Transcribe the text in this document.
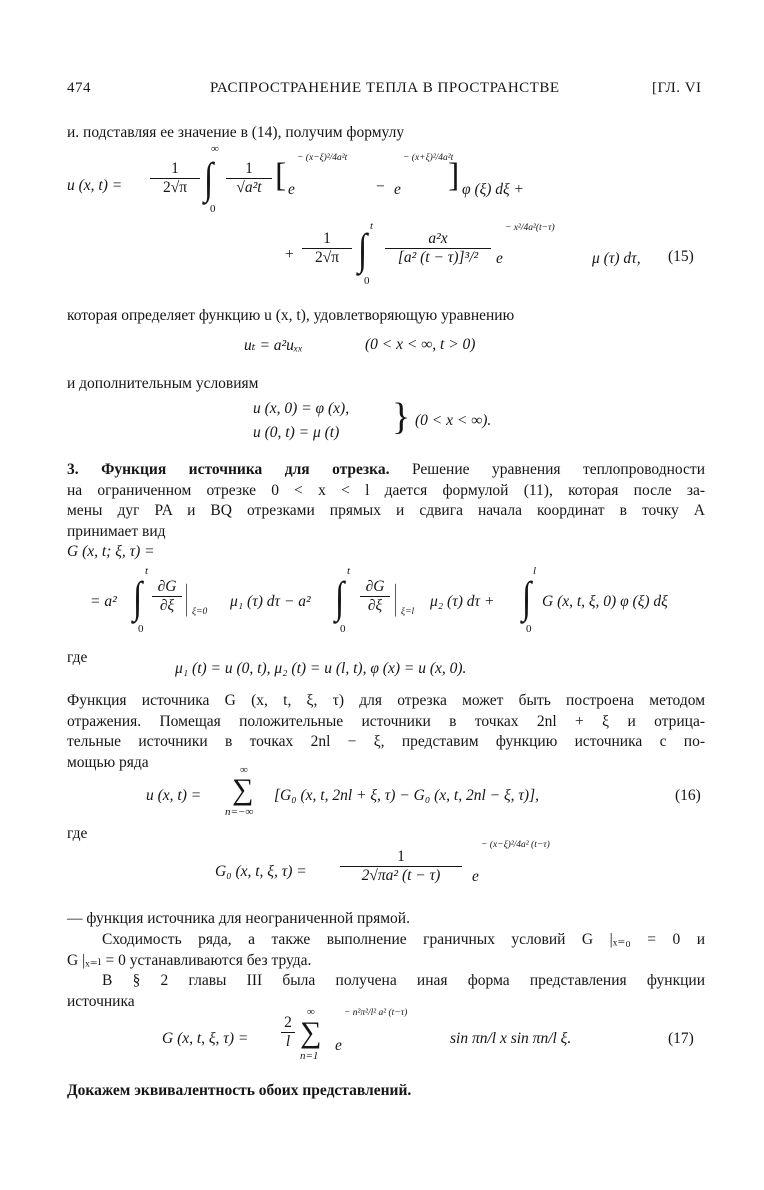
474	РАСПРОСТРАНЕНИЕ ТЕПЛА В ПРОСТРАНСТВЕ	[ГЛ. VI
и. подставляя ее значение в (14), получим формулу
u (x, t) =
1
2√π
∞
∫
0
1
√a²t [ e
− (x−ξ)²/4a²t
− e
− (x+ξ)²/4a²t
] φ (ξ) dξ +
+
1
2√π
t
∫
0
a²x
[a² (t − τ)]³/²	e
− x²/4a²(t−τ)
μ (τ) dτ, (15)
которая определяет функцию u (x, t), удовлетворяющую уравнению
uₜ = a²uₓₓ	(0 < x < ∞, t > 0)
и дополнительным условиям
u (x, 0) = φ (x),
u (0, t) = μ (t) } (0 < x < ∞).
3. Функция источника для отрезка. Решение уравнения теплопроводности
на ограниченном отрезке 0 < x < l дается формулой (11), которая после за-
мены дуг PA и BQ отрезками прямых и сдвига начала координат в точку A
принимает вид
G (x, t; ξ, τ) =
= a²
t
∫
0
∂G
∂ξ | ξ=0
μ₁ (τ) dτ − a²
t
∫
0
∂G
∂ξ | ξ=l
μ₂ (τ) dτ +
l
∫
0
G (x, t, ξ, 0) φ (ξ) dξ
где
μ₁ (t) = u (0, t), μ₂ (t) = u (l, t), φ (x) = u (x, 0).
Функция источника G (x, t, ξ, τ) для отрезка может быть построена методом
отражения. Помещая положительные источники в точках 2nl + ξ и отрица-
тельные источники в точках 2nl − ξ, представим функцию источника с по-
мощью ряда
u (x, t) =
∞
∑
n=−∞
[G₀ (x, t, 2nl + ξ, τ) − G₀ (x, t, 2nl − ξ, τ)],	(16)
где
G₀ (x, t, ξ, τ) =
1
2√πa² (t − τ)	e
− (x−ξ)²/4a² (t−τ)
— функция источника для неограниченной прямой.
Сходимость ряда, а также выполнение граничных условий G |ₓ₌₀ = 0 и
G |ₓ₌ₗ = 0 устанавливаются без труда.
В § 2 главы III была получена иная форма представления функции
источника
G (x, t, ξ, τ) =
2
l
∞
∑
n=1
e
− n²π²/l² a² (t−τ)
sin πn/l x sin πn/l ξ.	(17)
Докажем эквивалентность обоих представлений.
